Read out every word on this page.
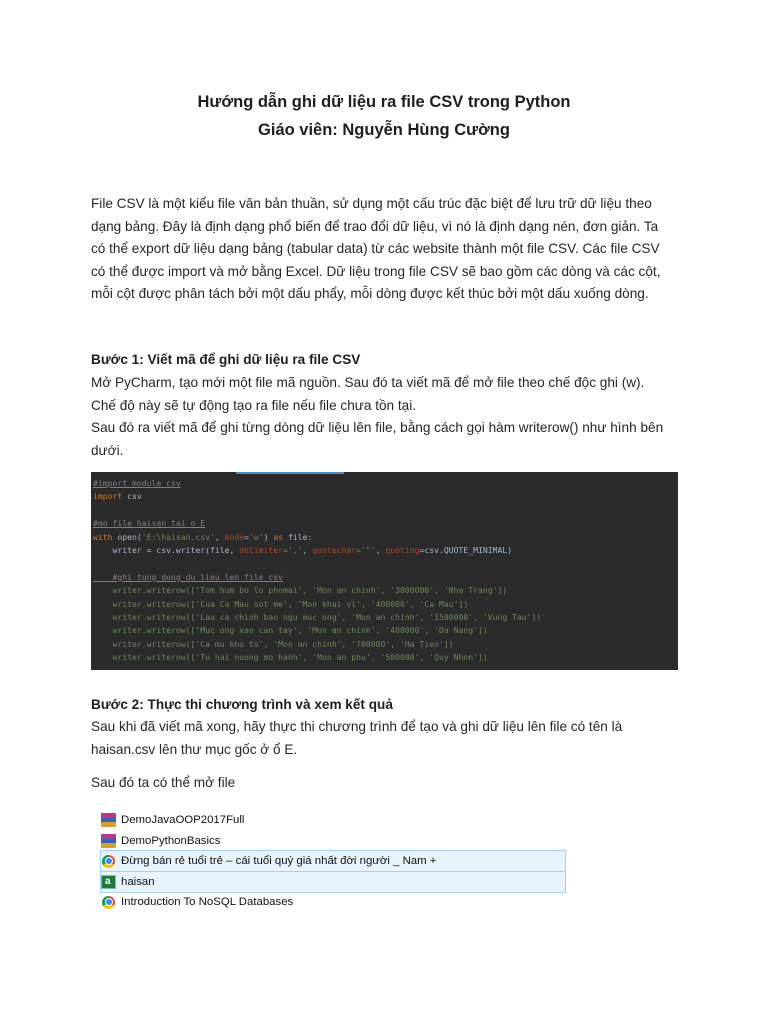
Hướng dẫn ghi dữ liệu ra file CSV trong Python
Giáo viên: Nguyễn Hùng Cường

File CSV là một kiểu file văn bản thuần, sử dụng một cấu trúc đặc biệt để lưu trữ dữ liệu theo

dạng bảng. Đây là định dạng phổ biến để trao đổi dữ liệu, vì nó là định dạng nén, đơn giản. Ta

có thể export dữ liệu dạng bảng (tabular data) từ các website thành một file CSV. Các file CSV

có thể được import và mở bằng Excel. Dữ liệu trong file CSV sẽ bao gồm các dòng và các cột,

mỗi cột được phân tách bởi một dấu phẩy, mỗi dòng được kết thúc bởi một dấu xuống dòng.

Bước 1: Viết mã để ghi dữ liệu ra file CSV

Mở PyCharm, tạo mới một file mã nguồn. Sau đó ta viết mã để mở file theo chế độc ghi (w).

Chế độ này sẽ tự động tạo ra file nếu file chưa tồn tại.

Sau đó ra viết mã để ghi từng dòng dữ liệu lên file, bằng cách gọi hàm writerow() như hình bên

dưới.

#import module csv
import csv

#mo file haisan tai o E
with open('E:\haisan.csv', mode='w') as file:
writer = csv.writer(file, delimiter=',', quotechar='"', quoting=csv.QUOTE_MINIMAL)

#ghi tung dong du lieu len file csv
writer.writerow(['Tom hum bo lo phomai', 'Mon an chinh', '3000000', 'Nha Trang'])
writer.writerow(['Cua Ca Mau sot me', 'Mon khai vi', '400000', 'Ca Mau'])
writer.writerow(['Lau ca chinh bao ngu muc ong', 'Mon an chinh', '1500000', 'Vung Tau'])
writer.writerow(['Muc ong xao can tay', 'Mon an chinh', '400000', 'Da Nang'])
writer.writerow(['Ca mu kho to', 'Mon an chinh', '700000', 'Ha Tien'])
writer.writerow(['Tu hai nuong mo hanh', 'Mon an phu', '500000', 'Quy Nhon'])
Bước 2: Thực thi chương trình và xem kết quả

Sau khi đã viết mã xong, hãy thực thi chương trình để tạo và ghi dữ liệu lên file có tên là

haisan.csv lên thư mục gốc ở ổ E.

Sau đó ta có thể mở file
DemoJavaOOP2017Full
DemoPythonBasics
Đừng bán rẻ tuổi trẻ – cái tuổi quý giá nhất đời người _ Nam +
a
haisan
Introduction To NoSQL Databases
